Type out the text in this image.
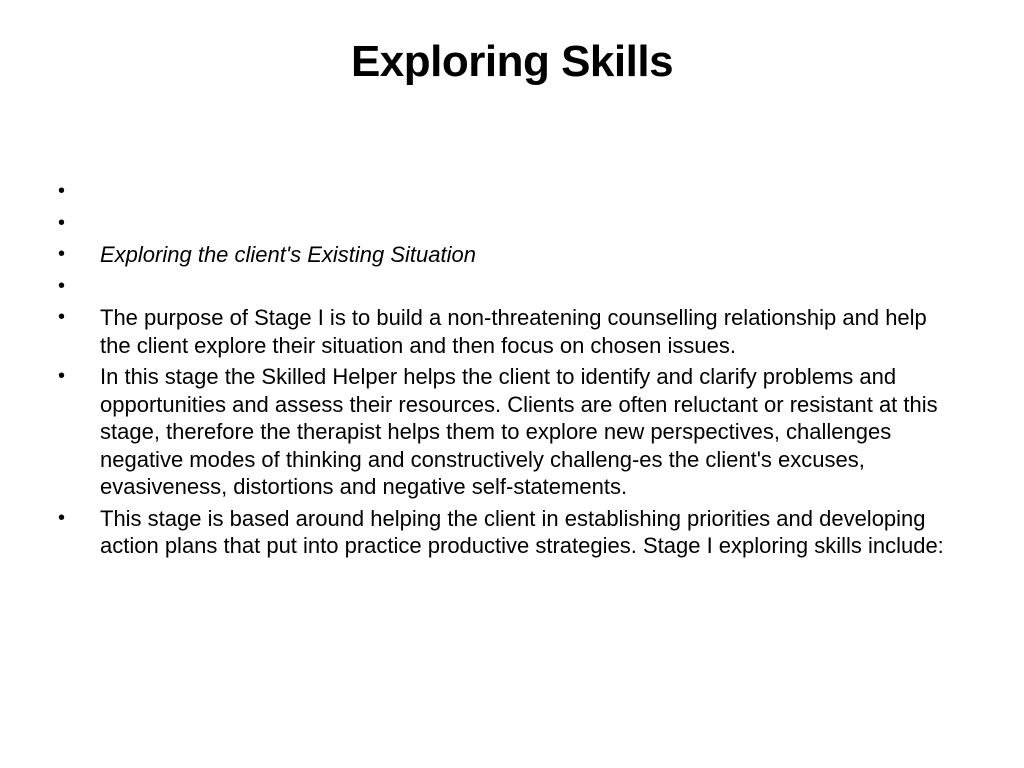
Exploring Skills
•
•
•	Exploring the client's Existing Situation
•
•	The purpose of Stage I is to build a non-threatening counselling relationship and help the client explore their situation and then focus on chosen issues.
•	In this stage the Skilled Helper helps the client to identify and clarify problems and opportunities and assess their resources. Clients are often reluctant or resistant at this stage, therefore the therapist helps them to explore new perspectives, challenges negative modes of thinking and constructively challeng-es the client's excuses, evasiveness, distortions and negative self-statements.
•	This stage is based around helping the client in establishing priorities and developing action plans that put into practice productive strategies. Stage I exploring skills include:
